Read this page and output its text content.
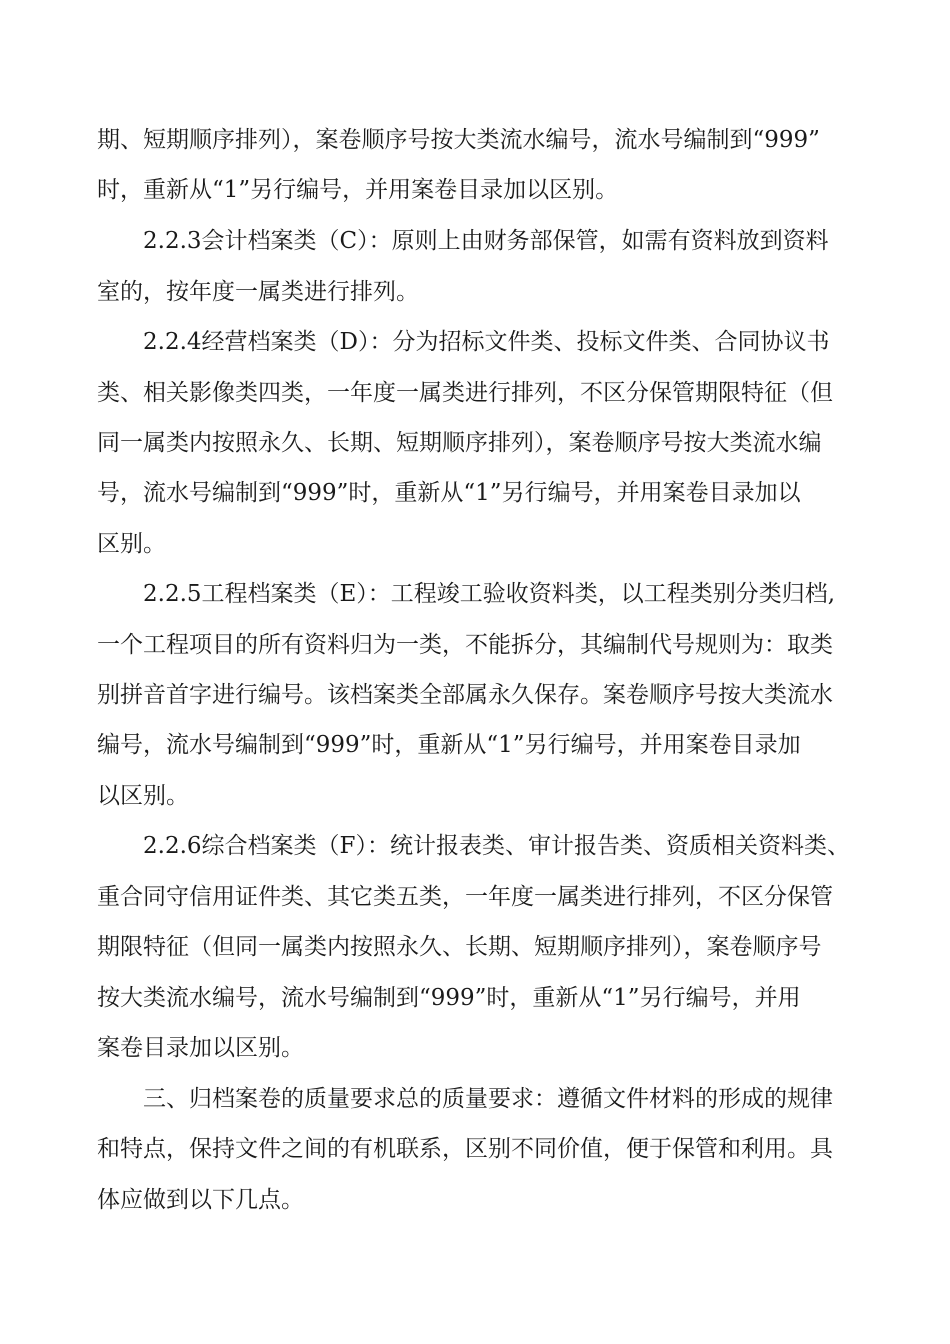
期、短期顺序排列），案卷顺序号按大类流水编号，流水号编制到“999”

时，重新从“1”另行编号，并用案卷目录加以区别。

2.2.3会计档案类（C）：原则上由财务部保管，如需有资料放到资料

室的，按年度一属类进行排列。

2.2.4经营档案类（D）：分为招标文件类、投标文件类、合同协议书

类、相关影像类四类，一年度一属类进行排列，不区分保管期限特征（但

同一属类内按照永久、长期、短期顺序排列），案卷顺序号按大类流水编

号，流水号编制到“999”时，重新从“1”另行编号，并用案卷目录加以

区别。

2.2.5工程档案类（E）：工程竣工验收资料类，以工程类别分类归档,

一个工程项目的所有资料归为一类，不能拆分，其编制代号规则为：取类

别拼音首字进行编号。该档案类全部属永久保存。案卷顺序号按大类流水

编号，流水号编制到“999”时，重新从“1”另行编号，并用案卷目录加

以区别。

2.2.6综合档案类（F）：统计报表类、审计报告类、资质相关资料类、

重合同守信用证件类、其它类五类，一年度一属类进行排列，不区分保管

期限特征（但同一属类内按照永久、长期、短期顺序排列），案卷顺序号

按大类流水编号，流水号编制到“999”时，重新从“1”另行编号，并用

案卷目录加以区别。

三、归档案卷的质量要求总的质量要求：遵循文件材料的形成的规律

和特点，保持文件之间的有机联系，区别不同价值，便于保管和利用。具

体应做到以下几点。
